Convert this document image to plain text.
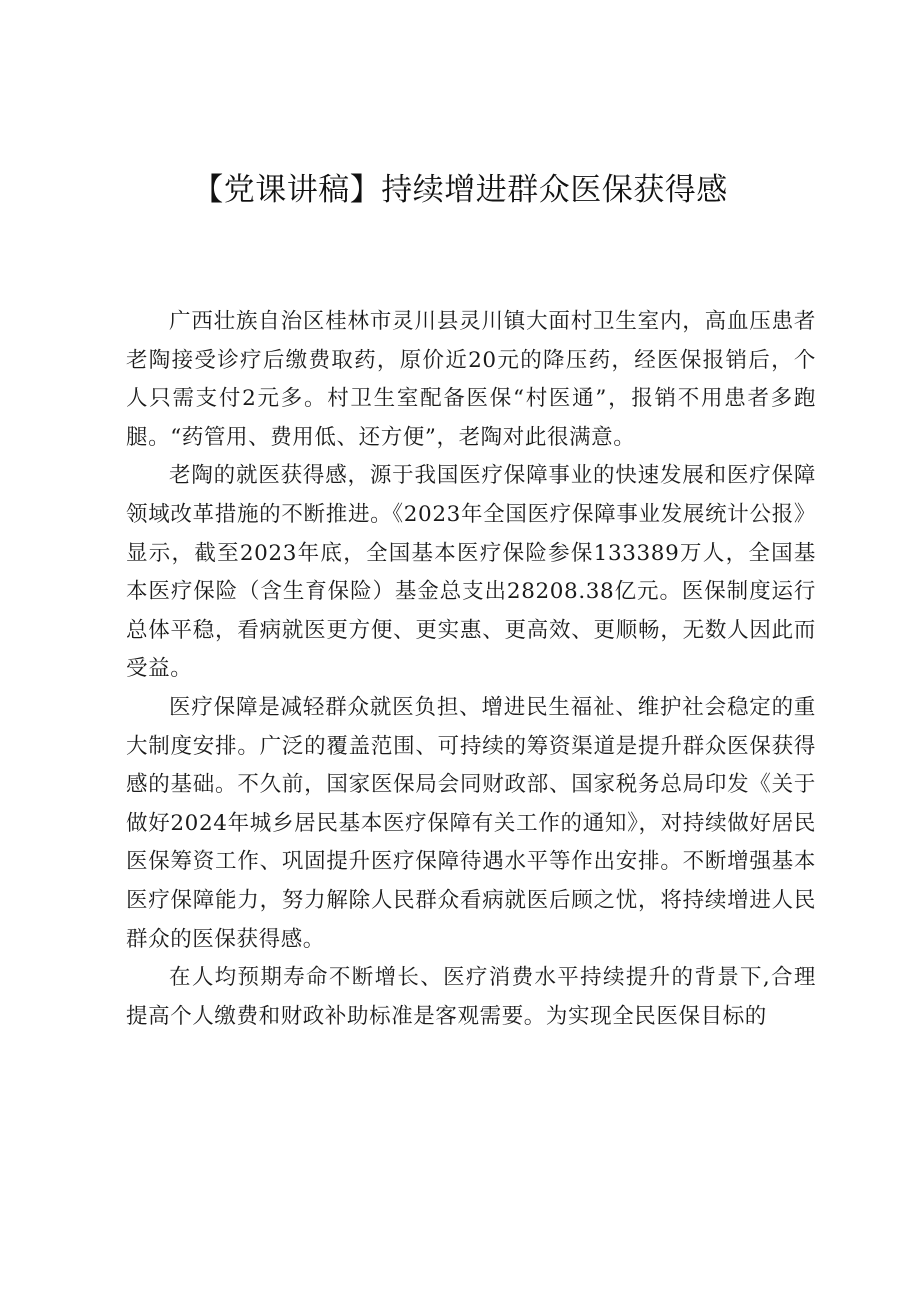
【党课讲稿】持续增进群众医保获得感

广西壮族自治区桂林市灵川县灵川镇大面村卫生室内，高血压患者老陶接受诊疗后缴费取药，原价近20元的降压药，经医保报销后，个人只需支付2元多。村卫生室配备医保“村医通”，报销不用患者多跑腿。“药管用、费用低、还方便”，老陶对此很满意。

老陶的就医获得感，源于我国医疗保障事业的快速发展和医疗保障领域改革措施的不断推进。《2023年全国医疗保障事业发展统计公报》显示，截至2023年底，全国基本医疗保险参保133389万人，全国基本医疗保险（含生育保险）基金总支出28208.38亿元。医保制度运行总体平稳，看病就医更方便、更实惠、更高效、更顺畅，无数人因此而受益。

医疗保障是减轻群众就医负担、增进民生福祉、维护社会稳定的重大制度安排。广泛的覆盖范围、可持续的筹资渠道是提升群众医保获得感的基础。不久前，国家医保局会同财政部、国家税务总局印发《关于做好2024年城乡居民基本医疗保障有关工作的通知》，对持续做好居民医保筹资工作、巩固提升医疗保障待遇水平等作出安排。不断增强基本医疗保障能力，努力解除人民群众看病就医后顾之忧，将持续增进人民群众的医保获得感。

在人均预期寿命不断增长、医疗消费水平持续提升的背景下,合理提高个人缴费和财政补助标准是客观需要。为实现全民医保目标的
